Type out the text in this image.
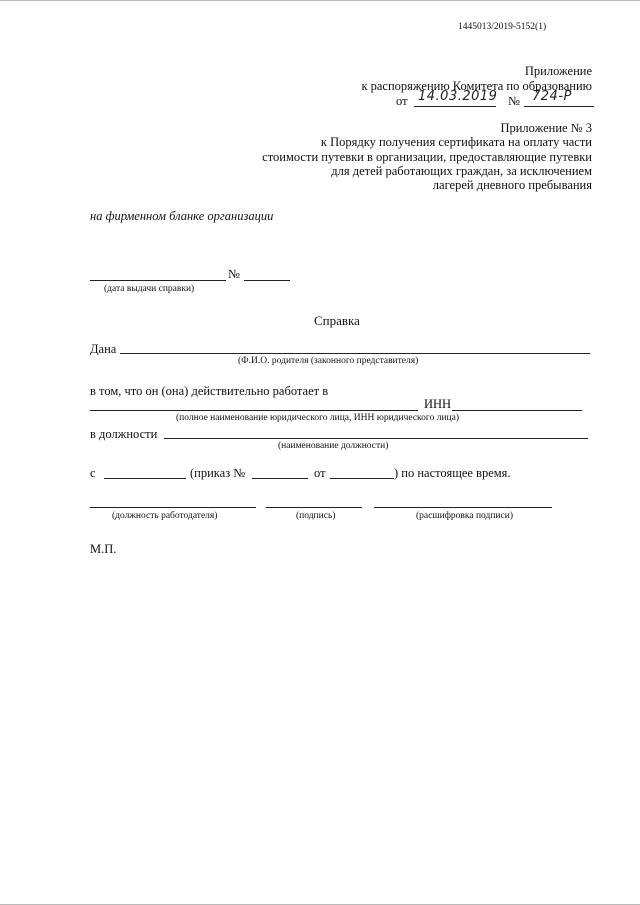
1445013/2019-5152(1)
Приложение
к распоряжению Комитета по образованию
от 14.03.2019 № 724-Р
Приложение № 3
к Порядку получения сертификата на оплату части
стоимости путевки в организации, предоставляющие путевки
для детей работающих граждан, за исключением
лагерей дневного пребывания
на фирменном бланке организации
№
(дата выдачи справки)
Справка
Дана
(Ф.И.О. родителя (законного представителя)
в том, что он (она) действительно работает в
ИНН
(полное наименование юридического лица, ИНН юридического лица)
в должности
(наименование должности)
с	(приказ №	от	) по настоящее время.
(должность работодателя)	(подпись)	(расшифровка подписи)
М.П.
